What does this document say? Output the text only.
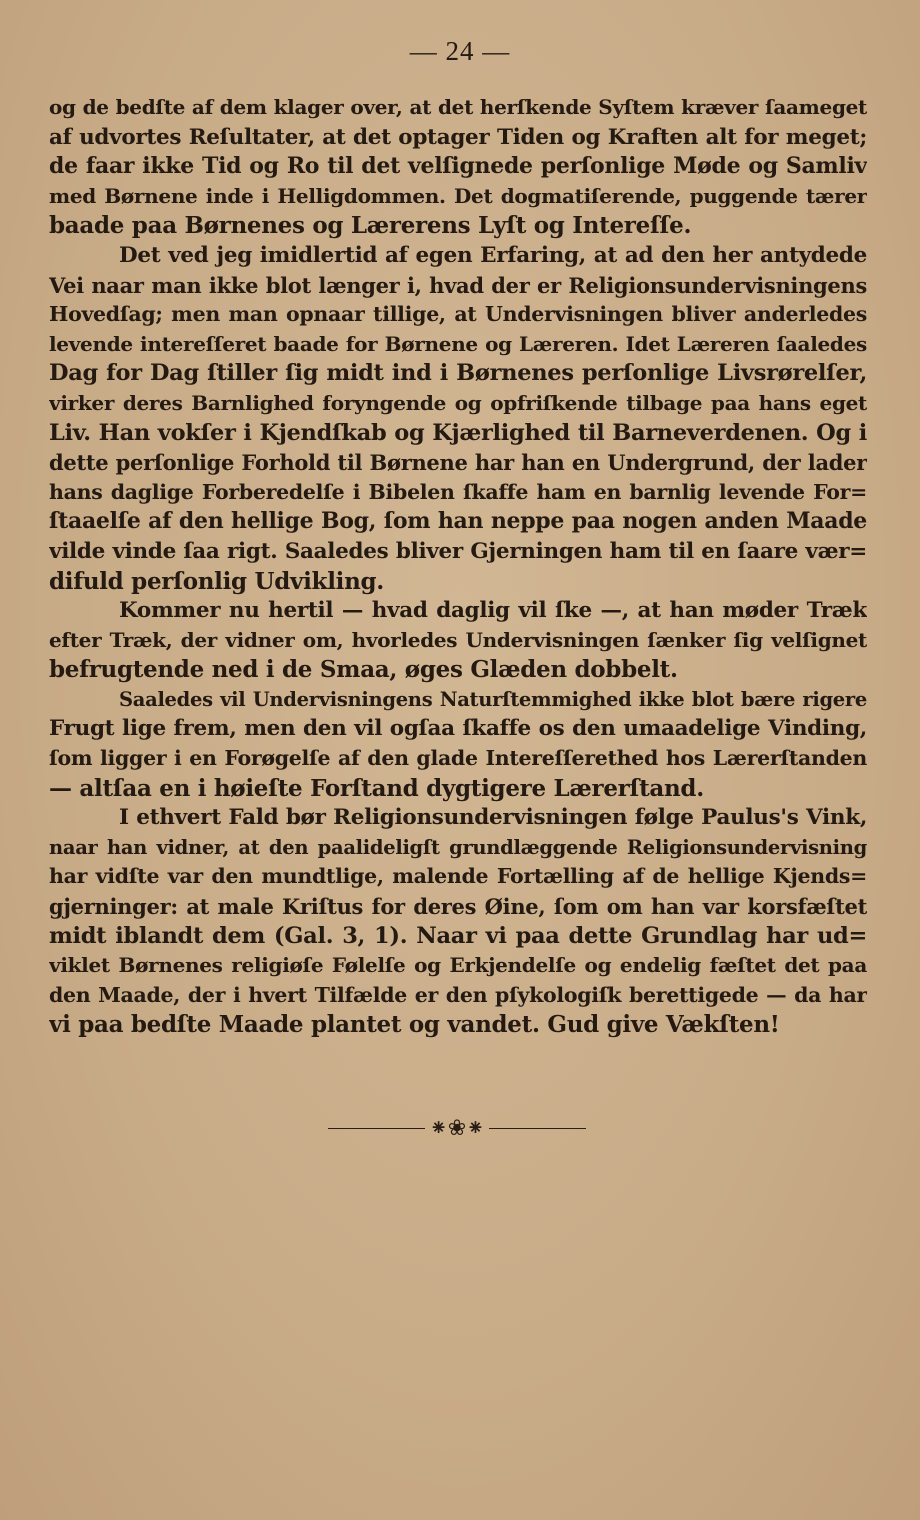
— 24 —
og de bedſte af dem klager over, at det herſkende Syſtem kræver ſaameget
af udvortes Reſultater, at det optager Tiden og Kraften alt for meget;
de faar ikke Tid og Ro til det velſignede perſonlige Møde og Samliv
med Børnene inde i Helligdommen. Det dogmatiſerende, puggende tærer
baade paa Børnenes og Lærerens Lyſt og Intereſſe.
Det ved jeg imidlertid af egen Erfaring, at ad den her antydede
Vei naar man ikke blot længer i, hvad der er Religionsundervisningens
Hovedſag; men man opnaar tillige, at Undervisningen bliver anderledes
levende intereſſeret baade for Børnene og Læreren. Idet Læreren ſaaledes
Dag for Dag ſtiller ſig midt ind i Børnenes perſonlige Livsrørelſer,
virker deres Barnlighed foryngende og opfriſkende tilbage paa hans eget
Liv. Han vokſer i Kjendſkab og Kjærlighed til Barneverdenen. Og i
dette perſonlige Forhold til Børnene har han en Undergrund, der lader
hans daglige Forberedelſe i Bibelen ſkaffe ham en barnlig levende For=
ſtaaelſe af den hellige Bog, ſom han neppe paa nogen anden Maade
vilde vinde ſaa rigt. Saaledes bliver Gjerningen ham til en ſaare vær=
difuld perſonlig Udvikling.
Kommer nu hertil — hvad daglig vil ſke —, at han møder Træk
efter Træk, der vidner om, hvorledes Undervisningen ſænker ſig velſignet
befrugtende ned i de Smaa, øges Glæden dobbelt.
Saaledes vil Undervisningens Naturſtemmighed ikke blot bære rigere
Frugt lige frem, men den vil ogſaa ſkaffe os den umaadelige Vinding,
ſom ligger i en Forøgelſe af den glade Intereſſerethed hos Lærerſtanden
— altſaa en i høieſte Forſtand dygtigere Lærerſtand.
I ethvert Fald bør Religionsundervisningen følge Paulus's Vink,
naar han vidner, at den paalideligſt grundlæggende Religionsundervisning
har vidſte var den mundtlige, malende Fortælling af de hellige Kjends=
gjerninger: at male Kriſtus for deres Øine, ſom om han var korsfæſtet
midt iblandt dem (Gal. 3, 1). Naar vi paa dette Grundlag har ud=
viklet Børnenes religiøſe Følelſe og Erkjendelſe og endelig fæſtet det paa
den Maade, der i hvert Tilfælde er den pſykologiſk berettigede — da har
vi paa bedſte Maade plantet og vandet. Gud give Vækſten!
⁕❀⁕
